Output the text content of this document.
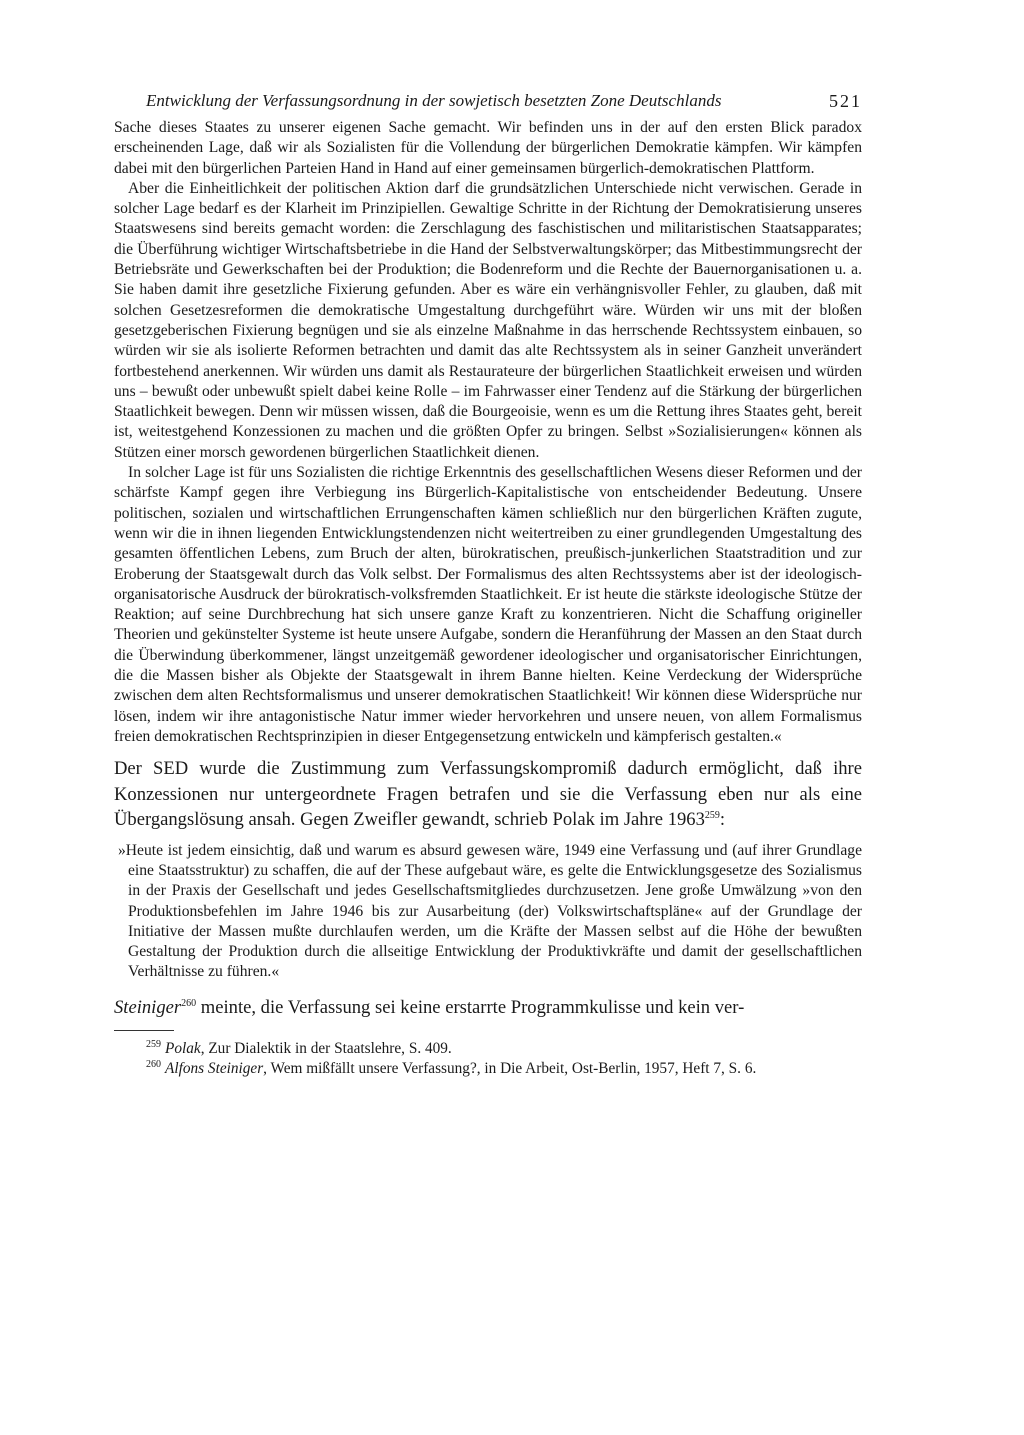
Entwicklung der Verfassungsordnung in der sowjetisch besetzten Zone Deutschlands	521

Sache dieses Staates zu unserer eigenen Sache gemacht. Wir befinden uns in der auf den ersten Blick paradox erscheinenden Lage, daß wir als Sozialisten für die Vollendung der bürgerlichen Demokratie kämpfen. Wir kämpfen dabei mit den bürgerlichen Parteien Hand in Hand auf einer gemeinsamen bürgerlich-demokratischen Plattform.

Aber die Einheitlichkeit der politischen Aktion darf die grundsätzlichen Unterschiede nicht verwischen. Gerade in solcher Lage bedarf es der Klarheit im Prinzipiellen. Gewaltige Schritte in der Richtung der Demokratisierung unseres Staatswesens sind bereits gemacht worden: die Zerschlagung des faschistischen und militaristischen Staatsapparates; die Überführung wichtiger Wirtschaftsbetriebe in die Hand der Selbstverwaltungskörper; das Mitbestimmungsrecht der Betriebsräte und Gewerkschaften bei der Produktion; die Bodenreform und die Rechte der Bauernorganisationen u. a. Sie haben damit ihre gesetzliche Fixierung gefunden. Aber es wäre ein verhängnisvoller Fehler, zu glauben, daß mit solchen Gesetzesreformen die demokratische Umgestaltung durchgeführt wäre. Würden wir uns mit der bloßen gesetzgeberischen Fixierung begnügen und sie als einzelne Maßnahme in das herrschende Rechtssystem einbauen, so würden wir sie als isolierte Reformen betrachten und damit das alte Rechtssystem als in seiner Ganzheit unverändert fortbestehend anerkennen. Wir würden uns damit als Restaurateure der bürgerlichen Staatlichkeit erweisen und würden uns – bewußt oder unbewußt spielt dabei keine Rolle – im Fahrwasser einer Tendenz auf die Stärkung der bürgerlichen Staatlichkeit bewegen. Denn wir müssen wissen, daß die Bourgeoisie, wenn es um die Rettung ihres Staates geht, bereit ist, weitestgehend Konzessionen zu machen und die größten Opfer zu bringen. Selbst »Sozialisierungen« können als Stützen einer morsch gewordenen bürgerlichen Staatlichkeit dienen.

In solcher Lage ist für uns Sozialisten die richtige Erkenntnis des gesellschaftlichen Wesens dieser Reformen und der schärfste Kampf gegen ihre Verbiegung ins Bürgerlich-Kapitalistische von entscheidender Bedeutung. Unsere politischen, sozialen und wirtschaftlichen Errungenschaften kämen schließlich nur den bürgerlichen Kräften zugute, wenn wir die in ihnen liegenden Entwicklungstendenzen nicht weitertreiben zu einer grundlegenden Umgestaltung des gesamten öffentlichen Lebens, zum Bruch der alten, bürokratischen, preußisch-junkerlichen Staatstradition und zur Eroberung der Staatsgewalt durch das Volk selbst. Der Formalismus des alten Rechtssystems aber ist der ideologisch-organisatorische Ausdruck der bürokratisch-volksfremden Staatlichkeit. Er ist heute die stärkste ideologische Stütze der Reaktion; auf seine Durchbrechung hat sich unsere ganze Kraft zu konzentrieren. Nicht die Schaffung origineller Theorien und gekünstelter Systeme ist heute unsere Aufgabe, sondern die Heranführung der Massen an den Staat durch die Überwindung überkommener, längst unzeitgemäß gewordener ideologischer und organisatorischer Einrichtungen, die die Massen bisher als Objekte der Staatsgewalt in ihrem Banne hielten. Keine Verdeckung der Widersprüche zwischen dem alten Rechtsformalismus und unserer demokratischen Staatlichkeit! Wir können diese Widersprüche nur lösen, indem wir ihre antagonistische Natur immer wieder hervorkehren und unsere neuen, von allem Formalismus freien demokratischen Rechtsprinzipien in dieser Entgegensetzung entwickeln und kämpferisch gestalten.«

Der SED wurde die Zustimmung zum Verfassungskompromiß dadurch ermöglicht, daß ihre Konzessionen nur untergeordnete Fragen betrafen und sie die Verfassung eben nur als eine Übergangslösung ansah. Gegen Zweifler gewandt, schrieb Polak im Jahre 1963$^{259}$:

»Heute ist jedem einsichtig, daß und warum es absurd gewesen wäre, 1949 eine Verfassung und (auf ihrer Grundlage eine Staatsstruktur) zu schaffen, die auf der These aufgebaut wäre, es gelte die Entwicklungsgesetze des Sozialismus in der Praxis der Gesellschaft und jedes Gesellschaftsmitgliedes durchzusetzen. Jene große Umwälzung »von den Produktionsbefehlen im Jahre 1946 bis zur Ausarbeitung (der) Volkswirtschaftspläne« auf der Grundlage der Initiative der Massen mußte durchlaufen werden, um die Kräfte der Massen selbst auf die Höhe der bewußten Gestaltung der Produktion durch die allseitige Entwicklung der Produktivkräfte und damit der gesellschaftlichen Verhältnisse zu führen.«

Steiniger$^{260}$ meinte, die Verfassung sei keine erstarrte Programmkulisse und kein ver-

$^{259}$ Polak, Zur Dialektik in der Staatslehre, S. 409.

$^{260}$ Alfons Steiniger, Wem mißfällt unsere Verfassung?, in Die Arbeit, Ost-Berlin, 1957, Heft 7, S. 6.
